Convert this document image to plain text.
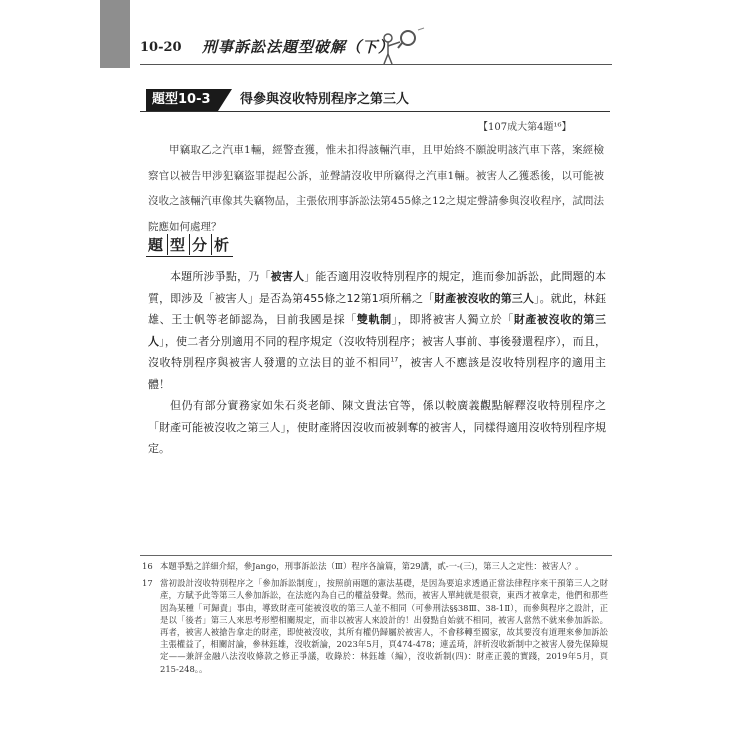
10-20 刑事訴訟法題型破解（下）
題型10-3	得參與沒收特別程序之第三人
【107成大第4題¹⁶】

甲竊取乙之汽車1輛，經警查獲，惟未扣得該輛汽車，且甲始終不願說明該汽車下落，案經檢察官以被告甲涉犯竊盜罪提起公訴，並聲請沒收甲所竊得之汽車1輛。被害人乙獲悉後，以可能被沒收之該輛汽車像其失竊物品，主張依刑事訴訟法第455條之12之規定聲請參與沒收程序，試問法院應如何處理？

題 型 分 析

本題所涉爭點，乃「被害人」能否適用沒收特別程序的規定，進而參加訴訟，此問題的本質，即涉及「被害人」是否為第455條之12第1項所稱之「財產被沒收的第三人」。就此，林鈺雄、王士帆等老師認為，目前我國是採「雙軌制」，即將被害人獨立於「財產被沒收的第三人」，使二者分別適用不同的程序規定（沒收特別程序；被害人事前、事後發還程序），而且，沒收特別程序與被害人發還的立法目的並不相同$^{17}$，被害人不應該是沒收特別程序的適用主體！

但仍有部分實務家如朱石炎老師、陳文貴法官等，係以較廣義觀點解釋沒收特別程序之「財產可能被沒收之第三人」，使財產將因沒收而被剝奪的被害人，同樣得適用沒收特別程序規定。

16 本題爭點之詳細介紹，參Jango，刑事訴訟法（Ⅲ）程序各論篇，第29講，貳-一-(三)，第三人之定性：被害人？。
17 當初設計沒收特別程序之「參加訴訟制度」，按照前兩題的憲法基礎，是因為要追求透過正當法律程序來干預第三人之財產，方賦予此等第三人參加訴訟，在法庭內為自己的權益發聲。然而，被害人單純就是很衰，東西才被拿走，他們和那些因為某種「可歸責」事由，導致財產可能被沒收的第三人並不相同（可參刑法§§38Ⅲ、38-1Ⅱ），而參與程序之設計，正是以「後者」第三人來思考形塑相關規定，而非以被害人來設計的！出發點自始就不相同，被害人當然不就來參加訴訟。再者，被害人被搶告拿走的財產，即使被沒收，其所有權仍歸屬於被害人，不會移轉至國家，故其要沒有道理來參加訴訟主張權益了，相關討論，參林鈺雄，沒收新論，2023年5月，頁474-478；連孟琦，評析沒收新制中之被害人發先保障規定——兼評金融八法沒收條款之修正爭議，收錄於：林鈺雄（編），沒收新制(四)：財產正義的實踐，2019年5月，頁215-248。。
